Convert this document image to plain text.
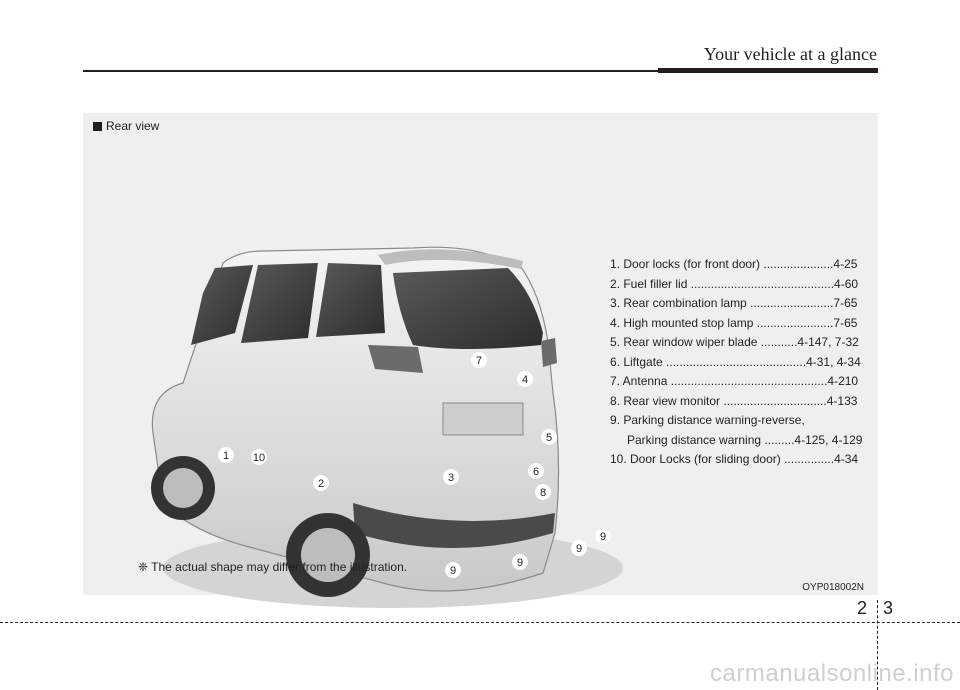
Your vehicle at a glance
Rear view
1
2	3
4
5
6
7
8
9
9
9
9
10
1. Door locks (for front door) .....................4-25
2. Fuel filler lid ...........................................4-60
3. Rear combination lamp .........................7-65
4. High mounted stop lamp .......................7-65
5. Rear window wiper blade ...........4-147, 7-32
6. Liftgate ..........................................4-31, 4-34
7. Antenna ...............................................4-210
8. Rear view monitor ...............................4-133
9. Parking distance warning-reverse,
Parking distance warning .........4-125, 4-129
10. Door Locks (for sliding door) ...............4-34
❈ The actual shape may differ from the illustration.
OYP018002N
2 3
carmanualsonline.info
